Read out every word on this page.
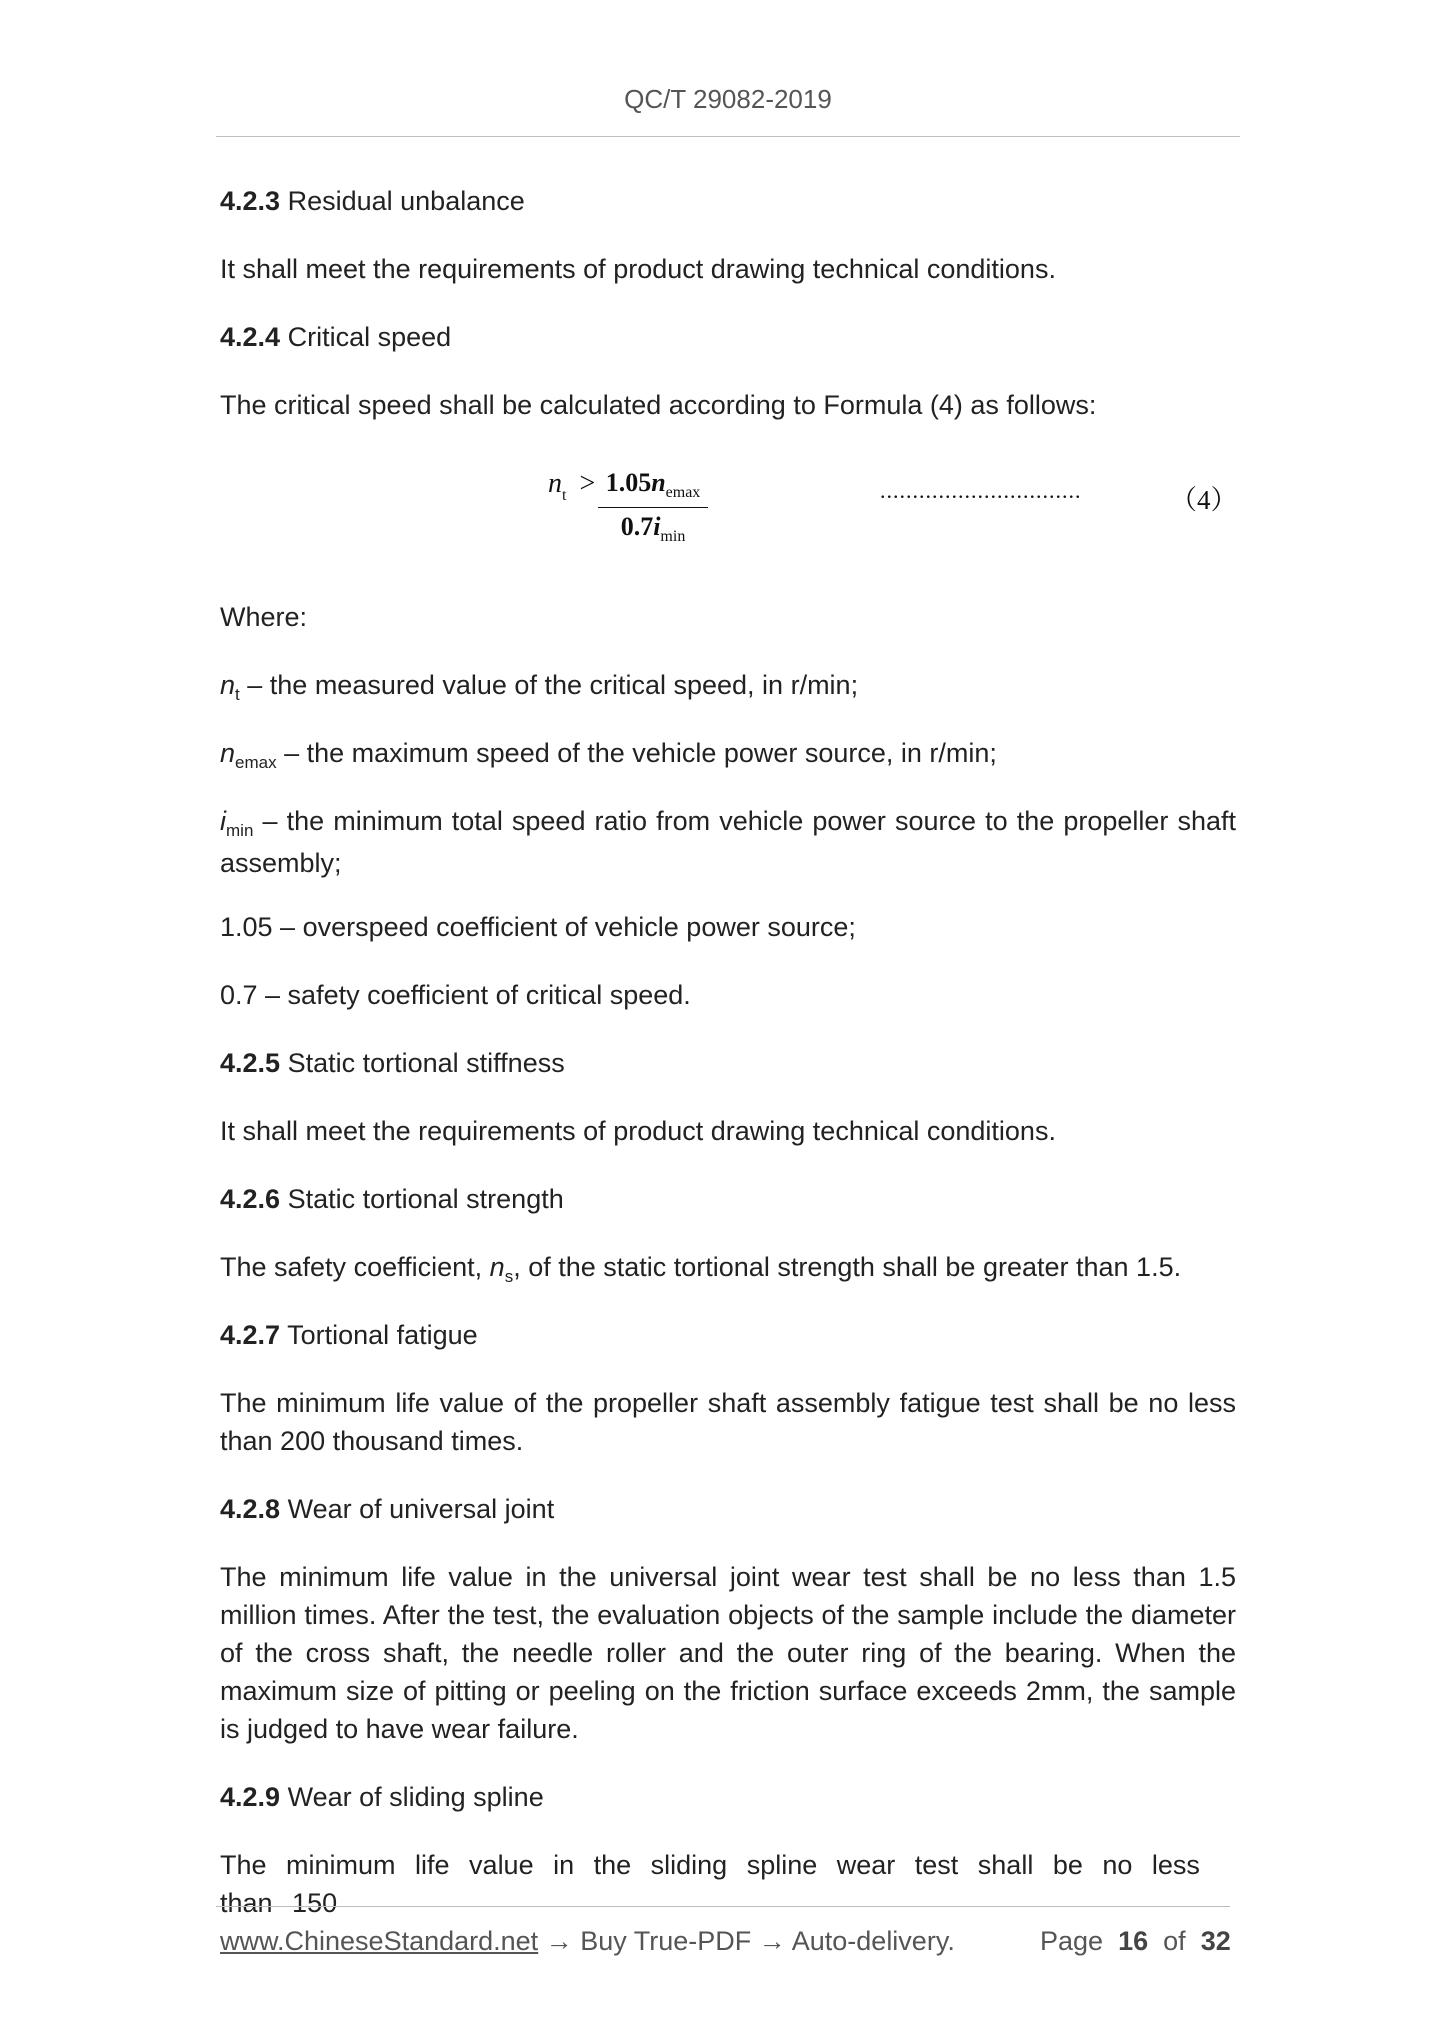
QC/T 29082-2019

4.2.3 Residual unbalance

It shall meet the requirements of product drawing technical conditions.

4.2.4 Critical speed

The critical speed shall be calculated according to Formula (4) as follows:

$n_t > 1.05n_{emax}$
$0.7i_{min}$
...............................	（4）

Where:

$n_t$ – the measured value of the critical speed, in r/min;

$n_{emax}$ – the maximum speed of the vehicle power source, in r/min;

$i_{min}$ – the minimum total speed ratio from vehicle power source to the propeller shaft assembly;

1.05 – overspeed coefficient of vehicle power source;

0.7 – safety coefficient of critical speed.

4.2.5 Static tortional stiffness

It shall meet the requirements of product drawing technical conditions.

4.2.6 Static tortional strength

The safety coefficient, $n_s$, of the static tortional strength shall be greater than 1.5.

4.2.7 Tortional fatigue

The minimum life value of the propeller shaft assembly fatigue test shall be no less than 200 thousand times.

4.2.8 Wear of universal joint

The minimum life value in the universal joint wear test shall be no less than 1.5 million times. After the test, the evaluation objects of the sample include the diameter of the cross shaft, the needle roller and the outer ring of the bearing. When the maximum size of pitting or peeling on the friction surface exceeds 2mm, the sample is judged to have wear failure.

4.2.9 Wear of sliding spline

The minimum life value in the sliding spline wear test shall be no less than 150

www.ChineseStandard.net → Buy True-PDF → Auto-delivery.	Page 16 of 32
